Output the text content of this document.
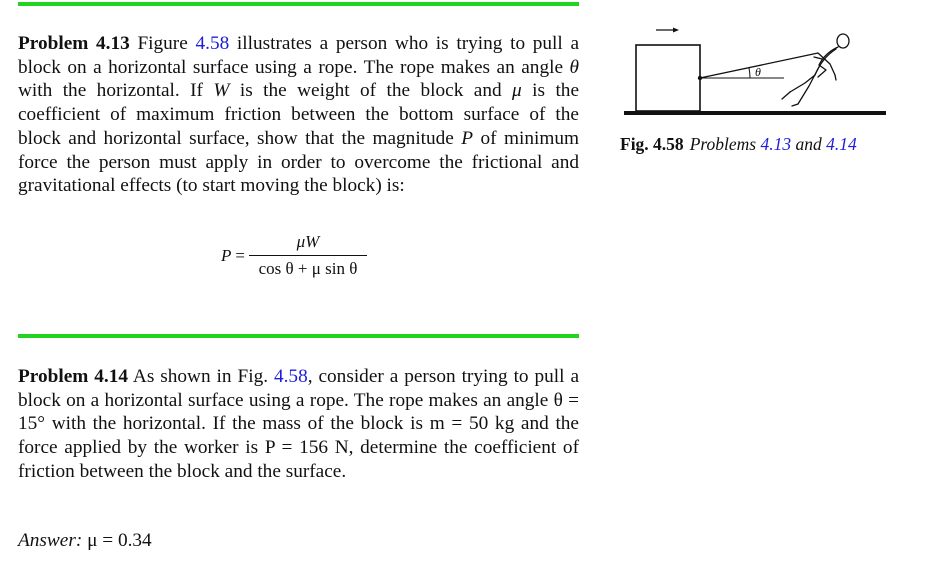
Problem 4.13 Figure 4.58 illustrates a person who is trying to pull a block on a horizontal surface using a rope. The rope makes an angle θ with the horizontal. If W is the weight of the block and μ is the coefficient of maximum friction between the bottom surface of the block and horizontal surface, show that the magnitude P of minimum force the person must apply in order to overcome the frictional and gravitational effects (to start moving the block) is:

$P = \frac{\mu W}{\text{cos θ + μ sin θ}}$

Problem 4.14 As shown in Fig. 4.58, consider a person trying to pull a block on a horizontal surface using a rope. The rope makes an angle θ = 15° with the horizontal. If the mass of the block is m = 50 kg and the force applied by the worker is P = 156 N, determine the coefficient of friction between the block and the surface.

Answer: μ = 0.34
θ
Fig. 4.58 Problems 4.13 and 4.14
